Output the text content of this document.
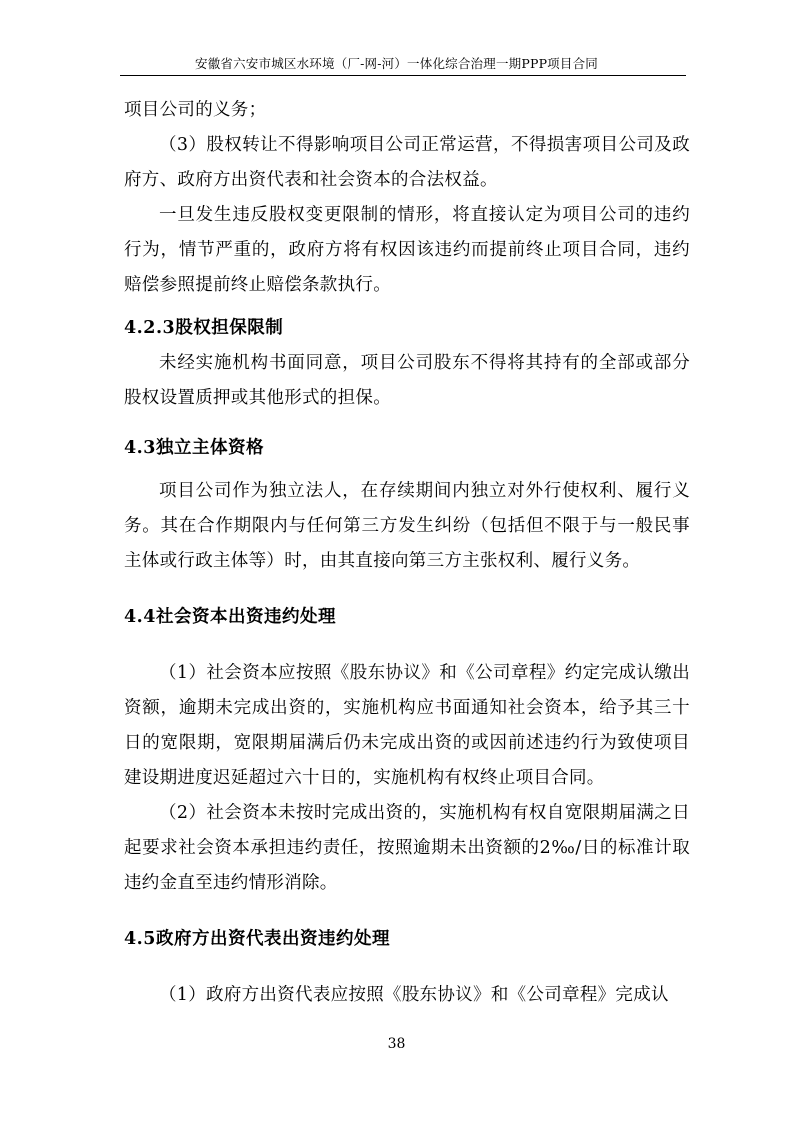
安徽省六安市城区水环境（厂-网-河）一体化综合治理一期PPP项目合同

项目公司的义务；

（3）股权转让不得影响项目公司正常运营，不得损害项目公司及政府方、政府方出资代表和社会资本的合法权益。

一旦发生违反股权变更限制的情形，将直接认定为项目公司的违约行为，情节严重的，政府方将有权因该违约而提前终止项目合同，违约赔偿参照提前终止赔偿条款执行。

4.2.3股权担保限制

未经实施机构书面同意，项目公司股东不得将其持有的全部或部分股权设置质押或其他形式的担保。

4.3独立主体资格

项目公司作为独立法人，在存续期间内独立对外行使权利、履行义务。其在合作期限内与任何第三方发生纠纷（包括但不限于与一般民事主体或行政主体等）时，由其直接向第三方主张权利、履行义务。

4.4社会资本出资违约处理

（1）社会资本应按照《股东协议》和《公司章程》约定完成认缴出资额，逾期未完成出资的，实施机构应书面通知社会资本，给予其三十日的宽限期，宽限期届满后仍未完成出资的或因前述违约行为致使项目建设期进度迟延超过六十日的，实施机构有权终止项目合同。

（2）社会资本未按时完成出资的，实施机构有权自宽限期届满之日起要求社会资本承担违约责任，按照逾期未出资额的2‰/日的标准计取违约金直至违约情形消除。

4.5政府方出资代表出资违约处理

（1）政府方出资代表应按照《股东协议》和《公司章程》完成认

38
